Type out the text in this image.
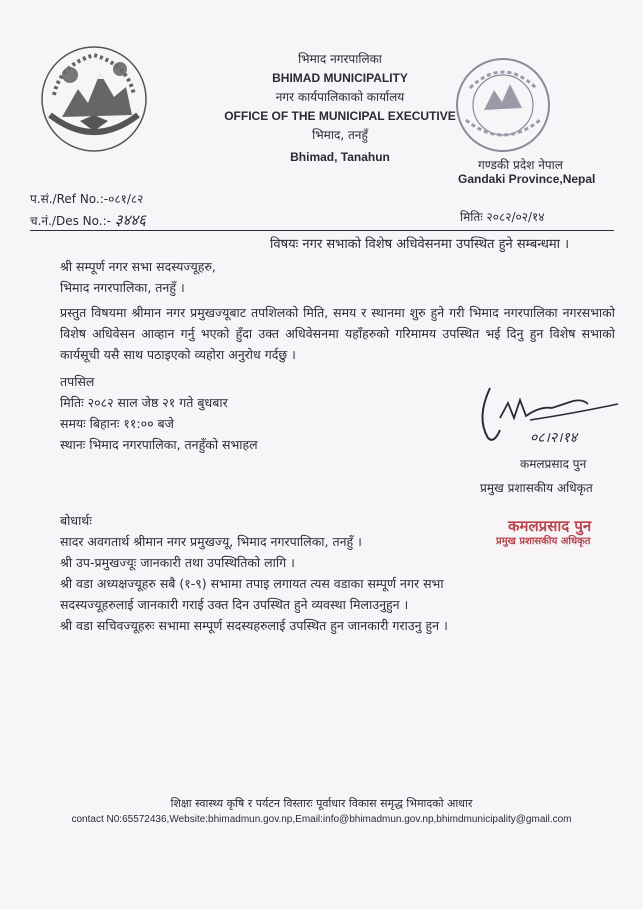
भिमाद नगरपालिका
BHIMAD MUNICIPALITY
नगर कार्यपालिकाको कार्यालय
OFFICE OF THE MUNICIPAL EXECUTIVE
भिमाद, तनहुँ
Bhimad, Tanahun
गण्डकी प्रदेश नेपाल
Gandaki Province,Nepal
प.सं./Ref No.:-०८१/८२
च.नं./Des No.:- ३४४६	मितिः २०८२/०२/१४
विषयः नगर सभाको विशेष अधिवेसनमा उपस्थित हुने सम्बन्धमा ।
श्री सम्पूर्ण नगर सभा सदस्यज्यूहरु,
भिमाद नगरपालिका, तनहुँ ।
प्रस्तुत विषयमा श्रीमान नगर प्रमुखज्यूबाट तपशिलको मिति, समय र स्थानमा शुरु हुने गरी भिमाद नगरपालिका नगरसभाको विशेष अधिवेसन आव्हान गर्नु भएको हुँदा उक्त अधिवेसनमा यहाँहरुको गरिमामय उपस्थित भई दिनु हुन विशेष सभाको कार्यसूची यसै साथ पठाइएको व्यहोरा अनुरोध गर्दछु ।
तपसिल
मितिः २०८२ साल जेष्ठ २१ गते बुधबार
समयः बिहानः ११:०० बजे
स्थानः भिमाद नगरपालिका, तनहुँको सभाहल	०८।२।१४
कमलप्रसाद पुन
प्रमुख प्रशासकीय अधिकृत
कमलप्रसाद पुन
प्रमुख प्रशासकीय अधिकृत
बोधार्थः
सादर अवगतार्थ श्रीमान नगर प्रमुखज्यू, भिमाद नगरपालिका, तनहुँ ।
श्री उप-प्रमुखज्यूः जानकारी तथा उपस्थितिको लागि ।
श्री वडा अध्यक्षज्यूहरु सबै (१-९) सभामा तपाइ लगायत त्यस वडाका सम्पूर्ण नगर सभा
सदस्यज्यूहरुलाई जानकारी गराई उक्त दिन उपस्थित हुने व्यवस्था मिलाउनुहुन ।
श्री वडा सचिवज्यूहरुः सभामा सम्पूर्ण सदस्यहरुलाई उपस्थित हुन जानकारी गराउनु हुन ।
शिक्षा स्वास्थ्य कृषि र पर्यटन विस्तारः पूर्वाधार विकास समृद्ध भिमादको आधार
contact N0:65572436,Website:bhimadmun.gov.np,Email:info@bhimadmun.gov.np,bhimdmunicipality@gmail.com
